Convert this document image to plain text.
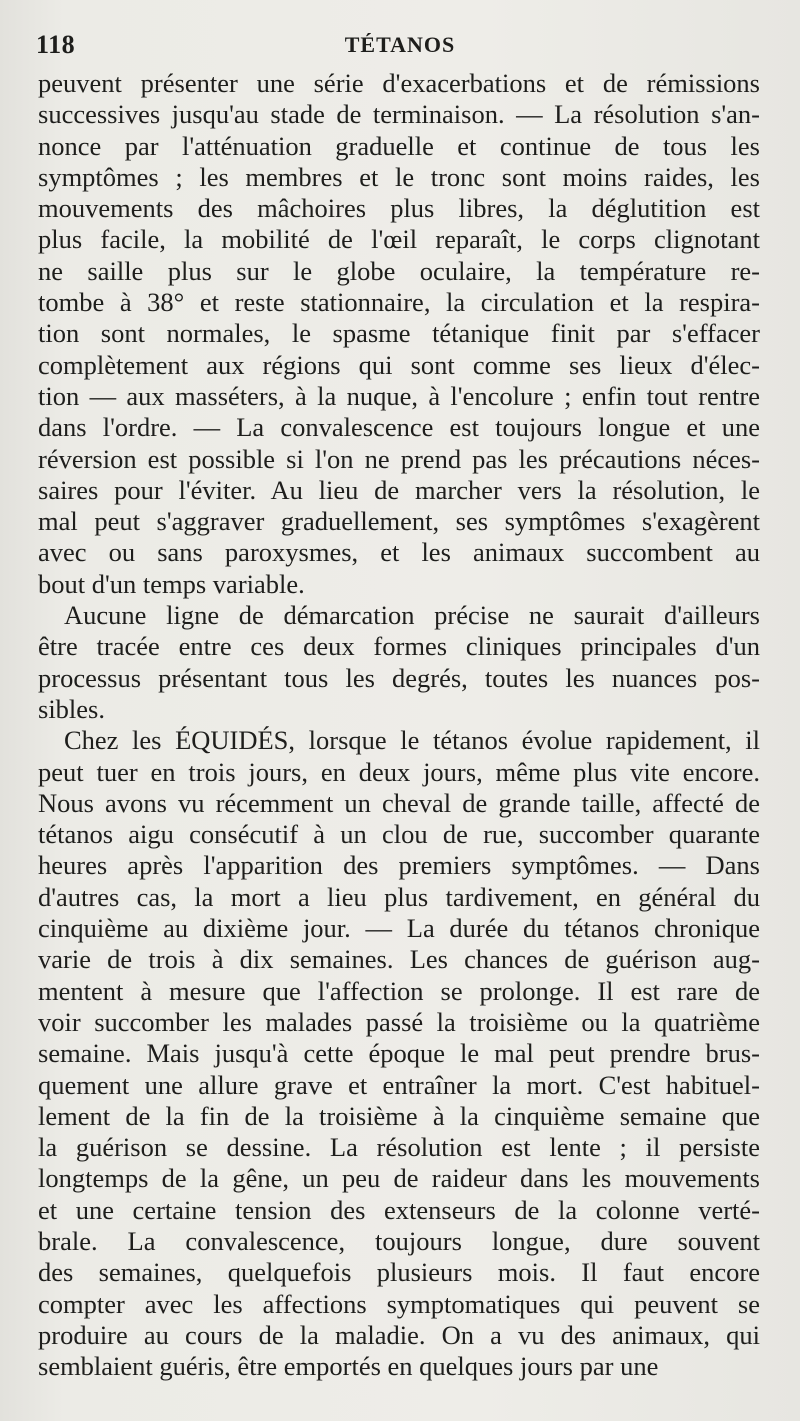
118	TÉTANOS
peuvent présenter une série d'exacerbations et de rémissions
successives jusqu'au stade de terminaison. — La résolution s'an-
nonce par l'atténuation graduelle et continue de tous les
symptômes ; les membres et le tronc sont moins raides, les
mouvements des mâchoires plus libres, la déglutition est
plus facile, la mobilité de l'œil reparaît, le corps clignotant
ne saille plus sur le globe oculaire, la température re-
tombe à 38° et reste stationnaire, la circulation et la respira-
tion sont normales, le spasme tétanique finit par s'effacer
complètement aux régions qui sont comme ses lieux d'élec-
tion — aux masséters, à la nuque, à l'encolure ; enfin tout rentre
dans l'ordre. — La convalescence est toujours longue et une
réversion est possible si l'on ne prend pas les précautions néces-
saires pour l'éviter. Au lieu de marcher vers la résolution, le
mal peut s'aggraver graduellement, ses symptômes s'exagèrent
avec ou sans paroxysmes, et les animaux succombent au
bout d'un temps variable.
Aucune ligne de démarcation précise ne saurait d'ailleurs
être tracée entre ces deux formes cliniques principales d'un
processus présentant tous les degrés, toutes les nuances pos-
sibles.
Chez les ÉQUIDÉS, lorsque le tétanos évolue rapidement, il
peut tuer en trois jours, en deux jours, même plus vite encore.
Nous avons vu récemment un cheval de grande taille, affecté de
tétanos aigu consécutif à un clou de rue, succomber quarante
heures après l'apparition des premiers symptômes. — Dans
d'autres cas, la mort a lieu plus tardivement, en général du
cinquième au dixième jour. — La durée du tétanos chronique
varie de trois à dix semaines. Les chances de guérison aug-
mentent à mesure que l'affection se prolonge. Il est rare de
voir succomber les malades passé la troisième ou la quatrième
semaine. Mais jusqu'à cette époque le mal peut prendre brus-
quement une allure grave et entraîner la mort. C'est habituel-
lement de la fin de la troisième à la cinquième semaine que
la guérison se dessine. La résolution est lente ; il persiste
longtemps de la gêne, un peu de raideur dans les mouvements
et une certaine tension des extenseurs de la colonne verté-
brale. La convalescence, toujours longue, dure souvent
des semaines, quelquefois plusieurs mois. Il faut encore
compter avec les affections symptomatiques qui peuvent se
produire au cours de la maladie. On a vu des animaux, qui
semblaient guéris, être emportés en quelques jours par une
